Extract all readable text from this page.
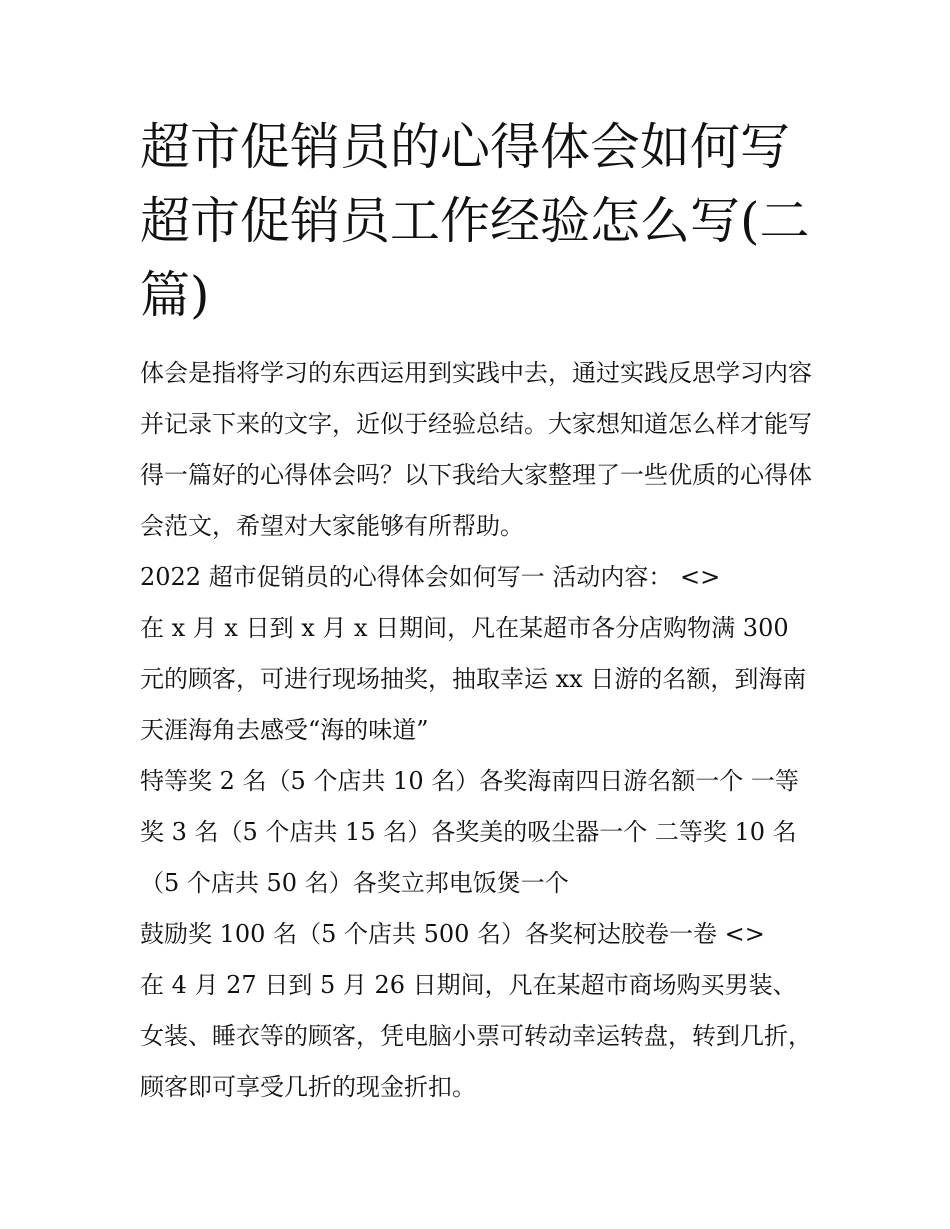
超市促销员的心得体会如何写 超市促销员工作经验怎么写(二篇)

体会是指将学习的东西运用到实践中去，通过实践反思学习内容并记录下来的文字，近似于经验总结。大家想知道怎么样才能写得一篇好的心得体会吗？以下我给大家整理了一些优质的心得体会范文，希望对大家能够有所帮助。

2022 超市促销员的心得体会如何写一 活动内容： <>

在 x 月 x 日到 x 月 x 日期间，凡在某超市各分店购物满 300 元的顾客，可进行现场抽奖，抽取幸运 xx 日游的名额，到海南天涯海角去感受“海的味道”

特等奖 2 名（5 个店共 10 名）各奖海南四日游名额一个 一等奖 3 名（5 个店共 15 名）各奖美的吸尘器一个 二等奖 10 名（5 个店共 50 名）各奖立邦电饭煲一个

鼓励奖 100 名（5 个店共 500 名）各奖柯达胶卷一卷 <>

在 4 月 27 日到 5 月 26 日期间，凡在某超市商场购买男装、女装、睡衣等的顾客，凭电脑小票可转动幸运转盘，转到几折，顾客即可享受几折的现金折扣。
